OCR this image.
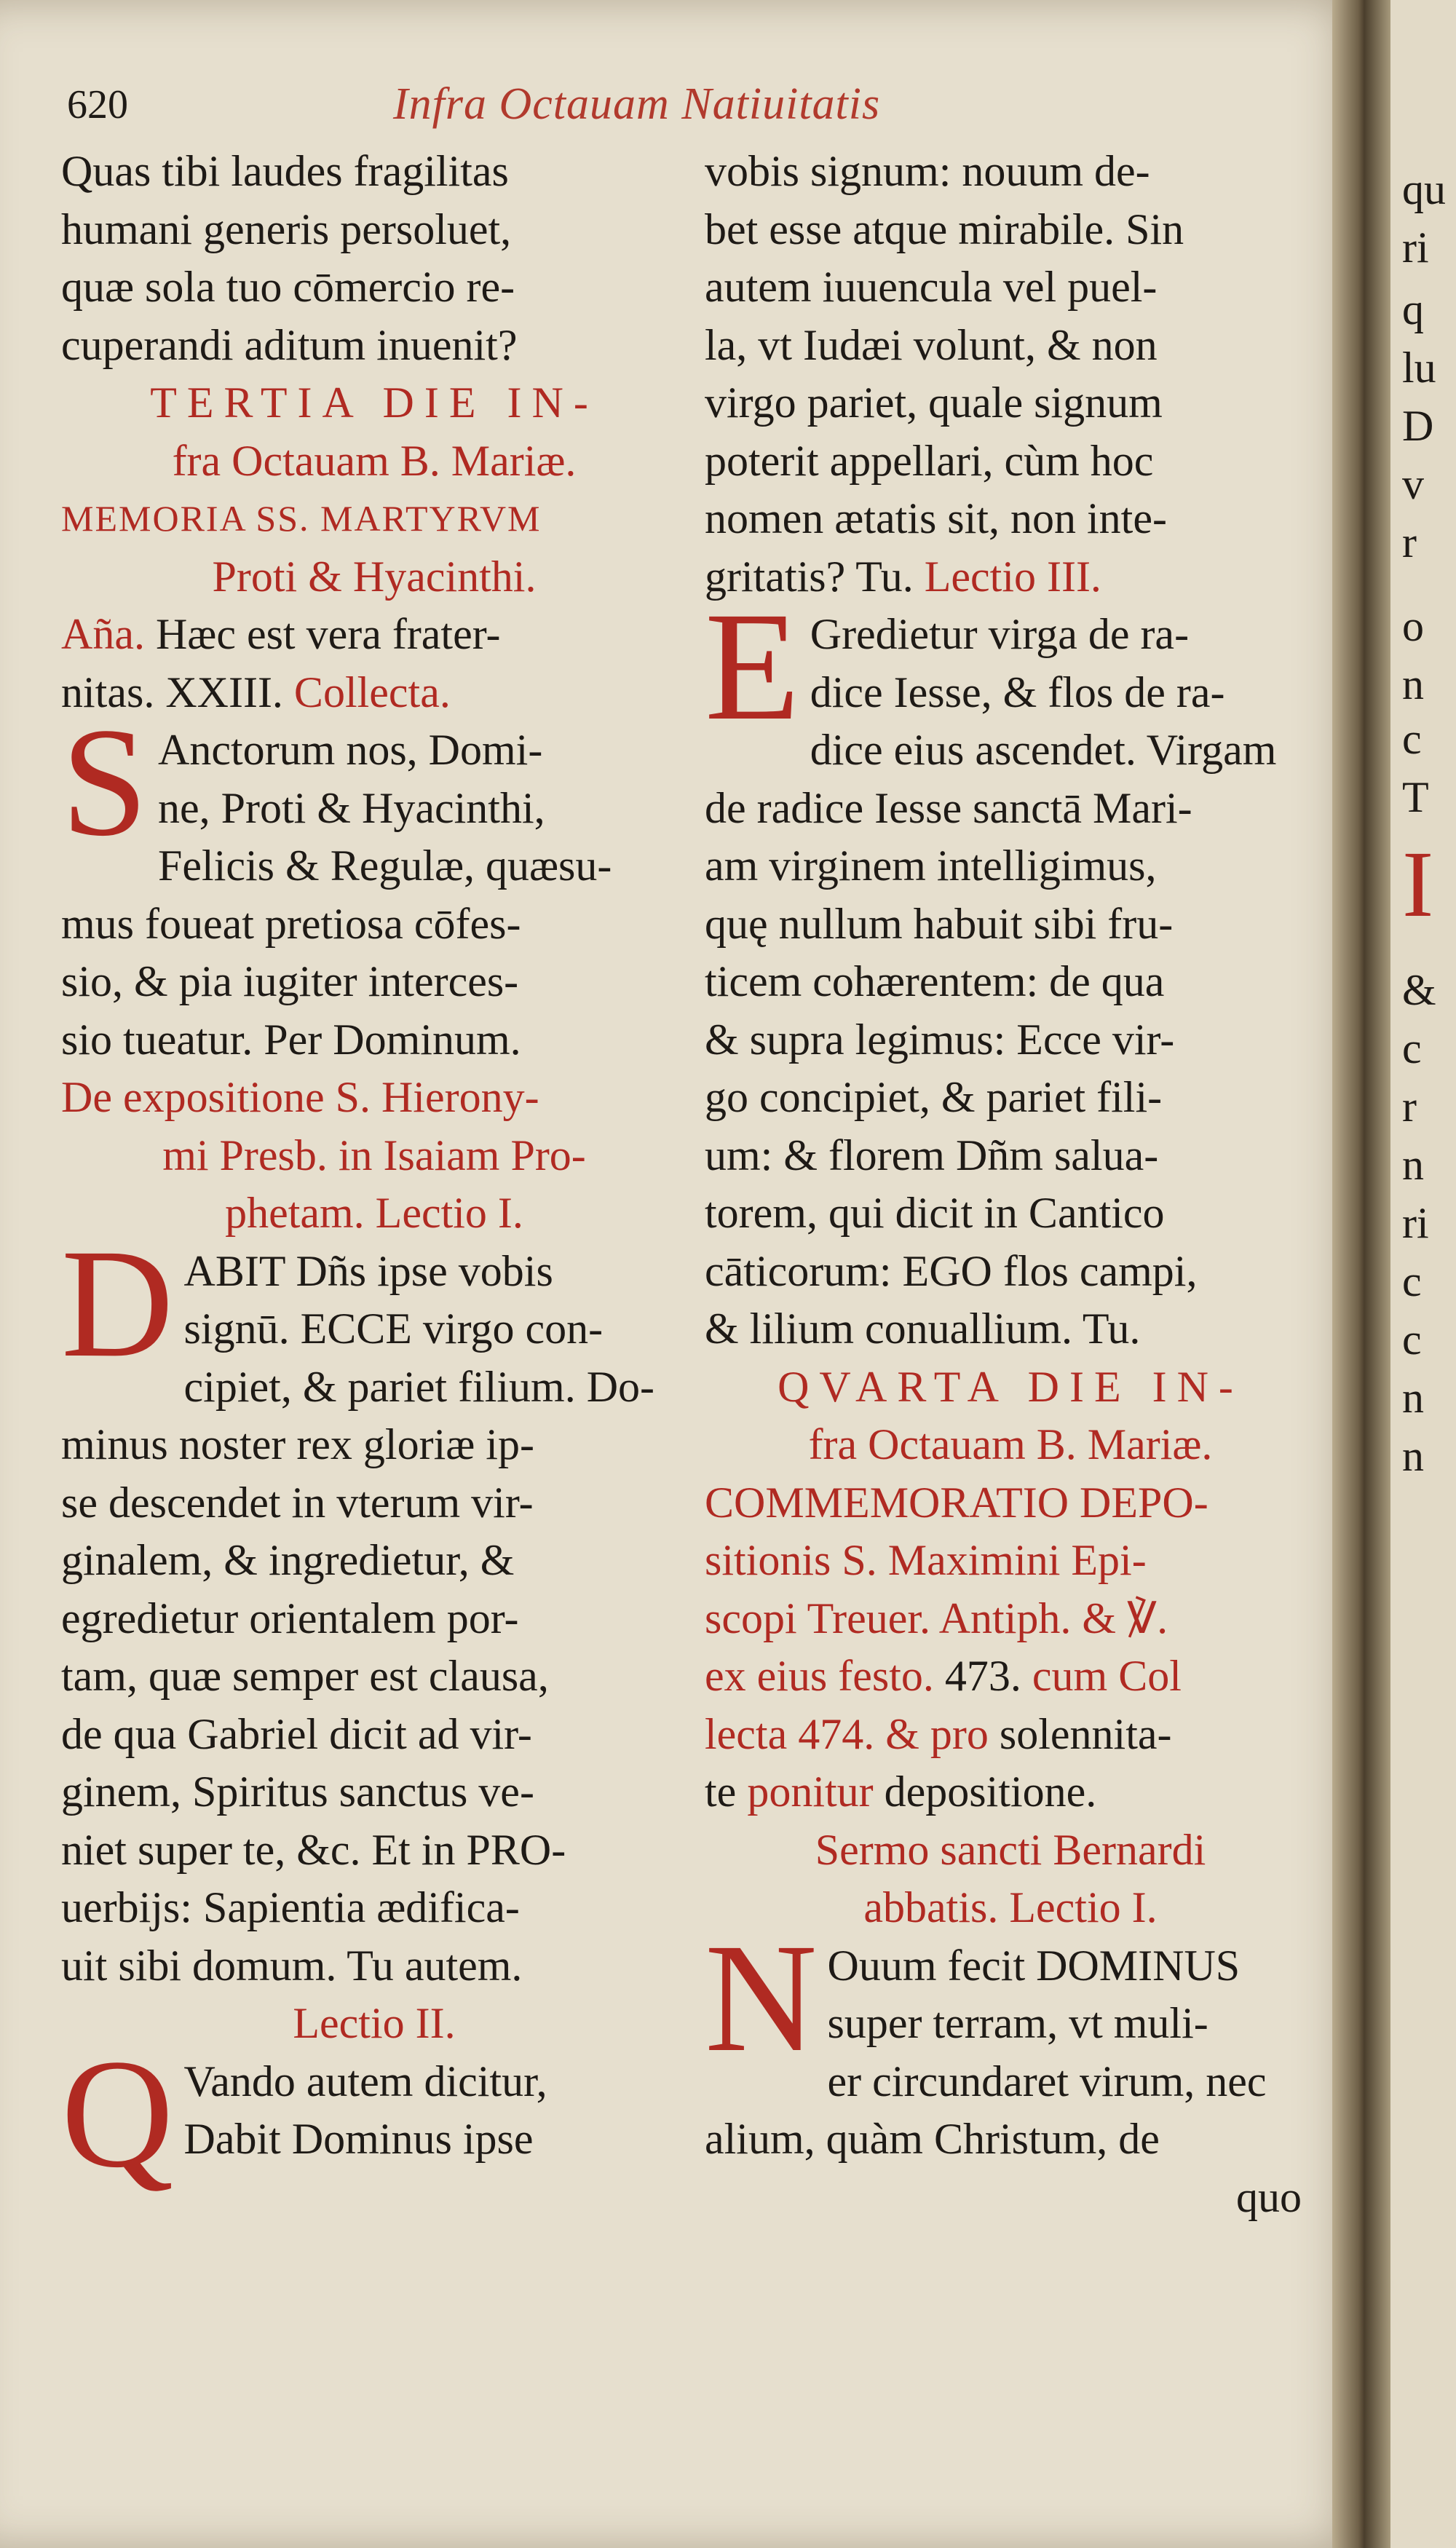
620	Infra Octauam Natiuitatis
Quas tibi laudes fragilitas
humani generis persoluet,
quæ sola tuo cōmercio re-
cuperandi aditum inuenit?
TERTIA DIE IN-
fra Octauam B. Mariæ.
MEMORIA SS. MARTYRVM
Proti & Hyacinthi.
Aña. Hæc est vera frater-
nitas. XXIII. Collecta.
S Anctorum nos, Domi-
ne, Proti & Hyacinthi,
Felicis & Regulæ, quæsu-
mus foueat pretiosa cōfes-
sio, & pia iugiter interces-
sio tueatur. Per Dominum.
De expositione S. Hierony-
mi Presb. in Isaiam Pro-
phetam. Lectio I.
D ABIT Dñs ipse vobis
signū. ECCE virgo con-
cipiet, & pariet filium. Do-
minus noster rex gloriæ ip-
se descendet in vterum vir-
ginalem, & ingredietur, &
egredietur orientalem por-
tam, quæ semper est clausa,
de qua Gabriel dicit ad vir-
ginem, Spiritus sanctus ve-
niet super te, &c. Et in PRO-
uerbijs: Sapientia ædifica-
uit sibi domum. Tu autem.
Lectio II.
Q Vando autem dicitur,
Dabit Dominus ipse
vobis signum: nouum de-
bet esse atque mirabile. Sin
autem iuuencula vel puel-
la, vt Iudæi volunt, & non
virgo pariet, quale signum
poterit appellari, cùm hoc
nomen ætatis sit, non inte-
gritatis? Tu. Lectio III.
E Gredietur virga de ra-
dice Iesse, & flos de ra-
dice eius ascendet. Virgam
de radice Iesse sanctā Mari-
am virginem intelligimus,
quę nullum habuit sibi fru-
ticem cohærentem: de qua
& supra legimus: Ecce vir-
go concipiet, & pariet fili-
um: & florem Dñm salua-
torem, qui dicit in Cantico
cāticorum: EGO flos campi,
& lilium conuallium. Tu.
QVARTA DIE IN-
fra Octauam B. Mariæ.
COMMEMORATIO DEPO-
sitionis S. Maximini Epi-
scopi Treuer. Antiph. & ℣.
ex eius festo. 473. cum Col
lecta 474. & pro solennita-
te ponitur depositione.
Sermo sancti Bernardi
abbatis. Lectio I.
N Ouum fecit DOMINUS
super terram, vt muli-
er circundaret virum, nec
alium, quàm Christum, de
quo
qu
ri
q
lu
D
v
r
o
n
c
T
I
&
c
r
n
ri
c
c
n
n
